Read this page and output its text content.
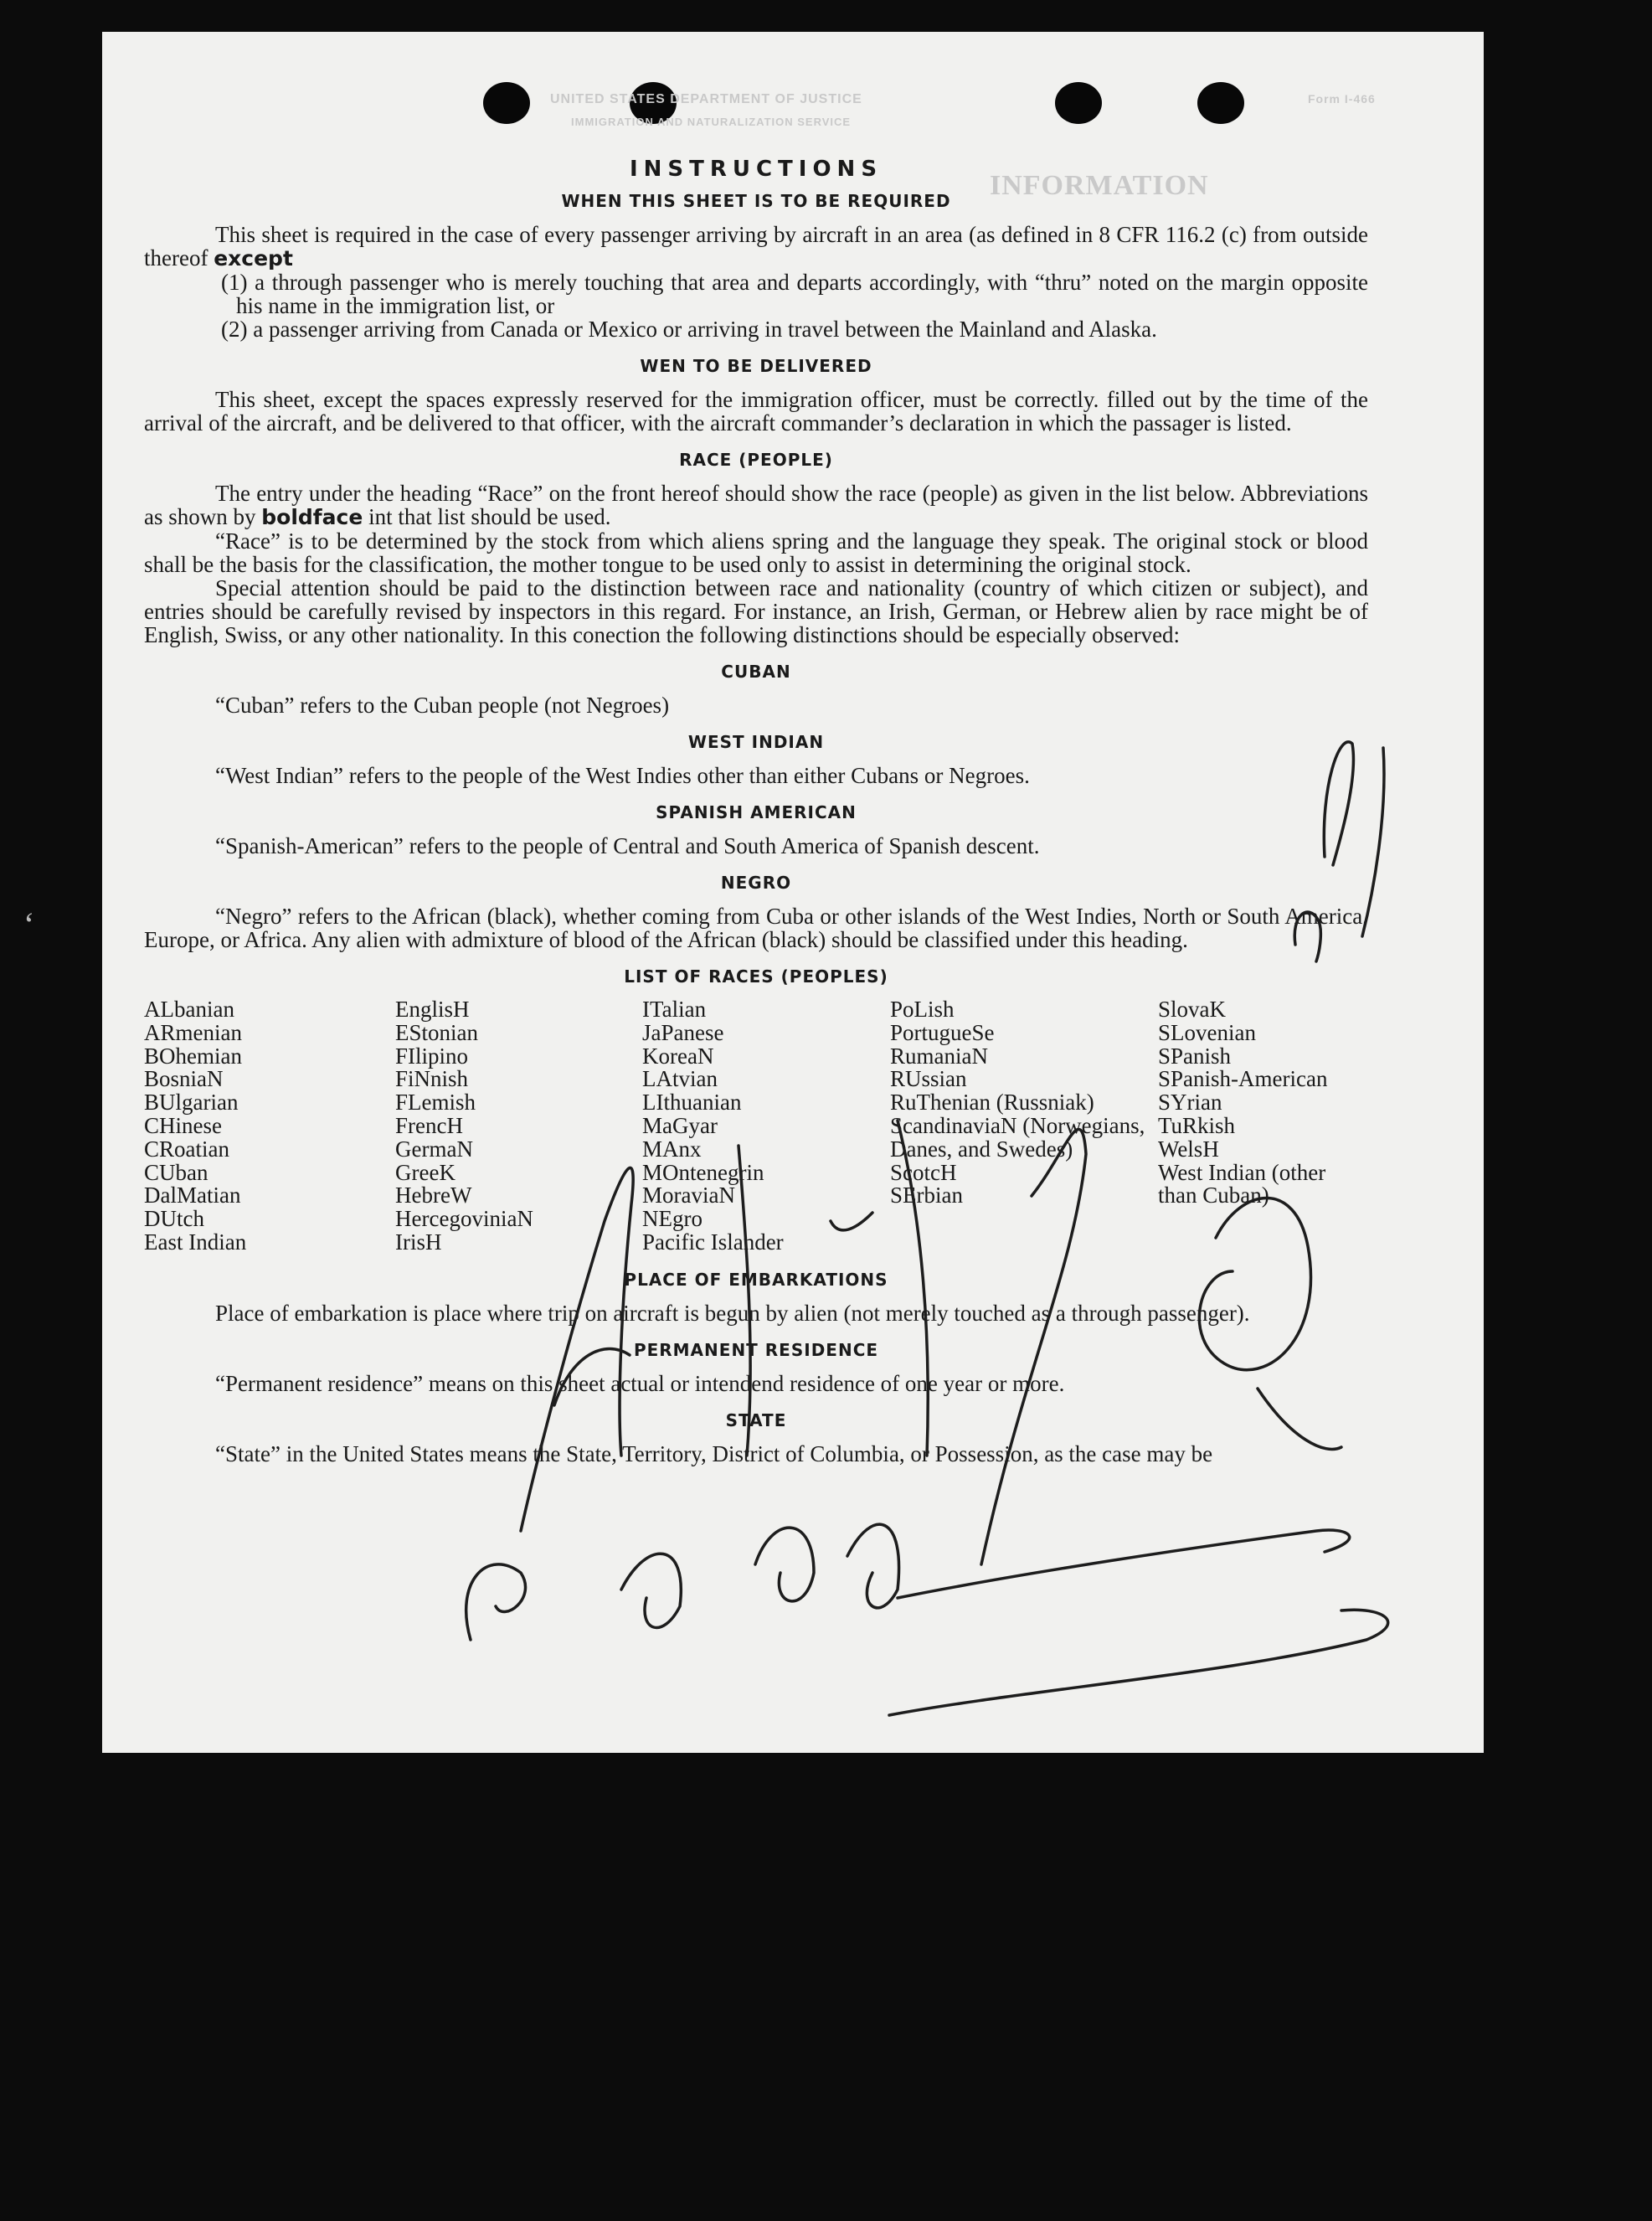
UNITED STATES DEPARTMENT OF JUSTICE
IMMIGRATION AND NATURALIZATION SERVICE
Form I-466
INFORMATION
INSTRUCTIONS
WHEN THIS SHEET IS TO BE REQUIRED

This sheet is required in the case of every passenger arriving by aircraft in an area (as defined in 8 CFR 116.2 (c) from outside thereof except

(1) a through passenger who is merely touching that area and departs accordingly, with “thru” noted on the margin opposite his name in the immigration list, or

(2) a passenger arriving from Canada or Mexico or arriving in travel between the Mainland and Alaska.

WEN TO BE DELIVERED

This sheet, except the spaces expressly reserved for the immigration officer, must be correctly. filled out by the time of the arrival of the aircraft, and be delivered to that officer, with the aircraft commander’s declaration in which the passager is listed.

RACE (PEOPLE)

The entry under the heading “Race” on the front hereof should show the race (people) as given in the list below. Abbreviations as shown by boldface int that list should be used.

“Race” is to be determined by the stock from which aliens spring and the language they speak. The original stock or blood shall be the basis for the classification, the mother tongue to be used only to assist in determining the original stock.

Special attention should be paid to the distinction between race and nationality (country of which citizen or subject), and entries should be carefully revised by inspectors in this regard. For instance, an Irish, German, or Hebrew alien by race might be of English, Swiss, or any other nationality. In this conection the following distinctions should be especially observed:

CUBAN

“Cuban” refers to the Cuban people (not Negroes)

WEST INDIAN

“West Indian” refers to the people of the West Indies other than either Cubans or Negroes.

SPANISH AMERICAN

“Spanish-American” refers to the people of Central and South America of Spanish descent.

NEGRO

“Negro” refers to the African (black), whether coming from Cuba or other islands of the West Indies, North or South America, Europe, or Africa. Any alien with admixture of blood of the African (black) should be classified under this heading.

LIST OF RACES (PEOPLES)
ALbanian
ARmenian
BOhemian
BosniaN
BUlgarian
CHinese
CRoatian
CUban
DalMatian
DUtch
East Indian
EnglisH
EStonian
FIlipino
FiNnish
FLemish
FrencH
GermaN
GreeK
HebreW
HercegoviniaN
IrisH
ITalian
JaPanese
KoreaN
LAtvian
LIthuanian
MaGyar
MAnx
MOntenegrin
MoraviaN
NEgro
Pacific Islander
PoLish
PortugueSe
RumaniaN
RUssian
RuThenian (Russniak)
ScandinaviaN (Norwegians, Danes, and Swedes)
ScotcH
SErbian
SlovaK
SLovenian
SPanish
SPanish-American
SYrian
TuRkish
WelsH
West Indian (other than Cuban)
PLACE OF EMBARKATIONS

Place of embarkation is place where trip on aircraft is begun by alien (not merely touched as a through passenger).

PERMANENT RESIDENCE

“Permanent residence” means on this sheet actual or intendend residence of one year or more.

STATE

“State” in the United States means the State, Territory, District of Columbia, or Possession, as the case may be

ʻ
